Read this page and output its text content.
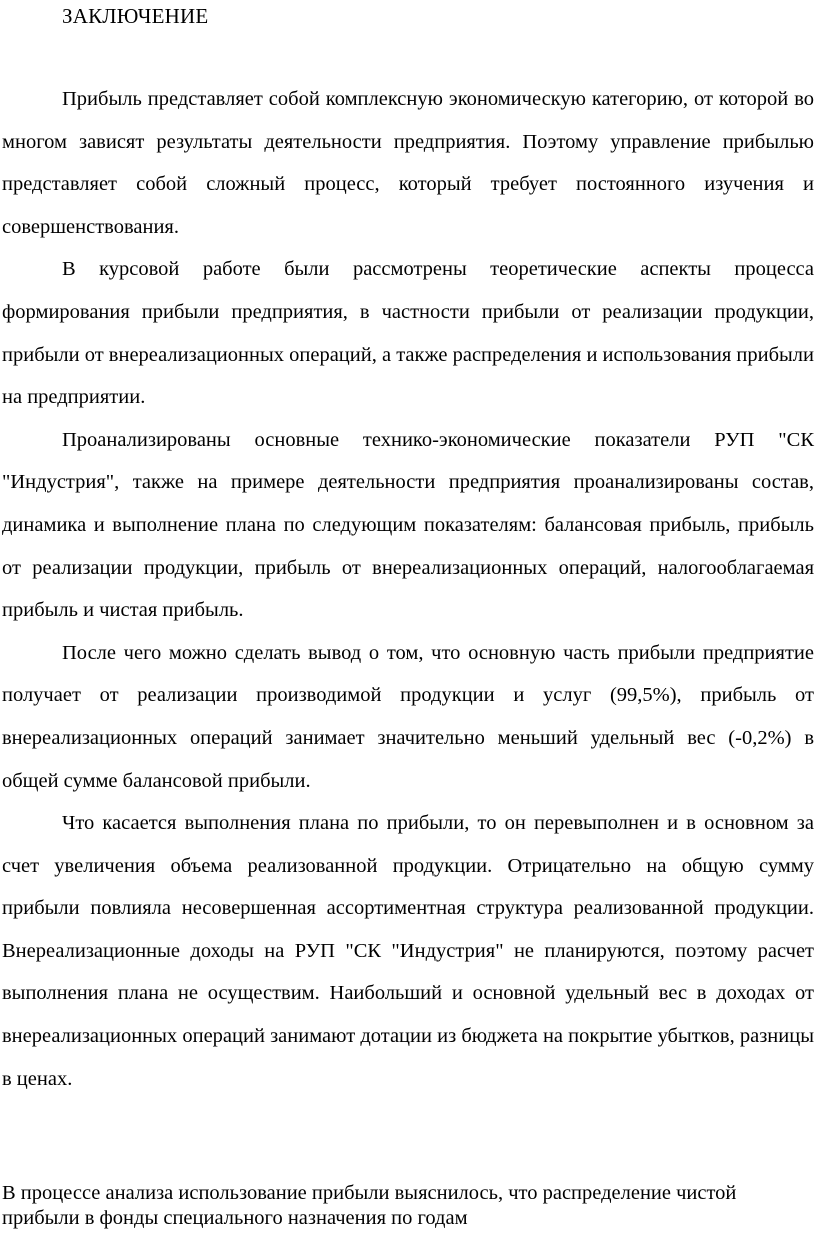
ЗАКЛЮЧЕНИЕ

Прибыль представляет собой комплексную экономическую категорию, от которой во многом зависят результаты деятельности предприятия. Поэтому управление прибылью представляет собой сложный процесс, который требует постоянного изучения и совершенствования.

В курсовой работе были рассмотрены теоретические аспекты процесса формирования прибыли предприятия, в частности прибыли от реализации продукции, прибыли от внереализационных операций, а также распределения и использования прибыли на предприятии.

Проанализированы основные технико-экономические показатели РУП "СК "Индустрия", также на примере деятельности предприятия проанализированы состав, динамика и выполнение плана по следующим показателям: балансовая прибыль, прибыль от реализации продукции, прибыль от внереализационных операций, налогооблагаемая прибыль и чистая прибыль.

После чего можно сделать вывод о том, что основную часть прибыли предприятие получает от реализации производимой продукции и услуг (99,5%), прибыль от внереализационных операций занимает значительно меньший удельный вес (-0,2%) в общей сумме балансовой прибыли.

Что касается выполнения плана по прибыли, то он перевыполнен и в основном за счет увеличения объема реализованной продукции. Отрицательно на общую сумму прибыли повлияла несовершенная ассортиментная структура реализованной продукции. Внереализационные доходы на РУП "СК "Индустрия" не планируются, поэтому расчет выполнения плана не осуществим. Наибольший и основной удельный вес в доходах от внереализационных операций занимают дотации из бюджета на покрытие убытков, разницы в ценах.

В процессе анализа использование прибыли выяснилось, что распределение чистой прибыли в фонды специального назначения по годам
